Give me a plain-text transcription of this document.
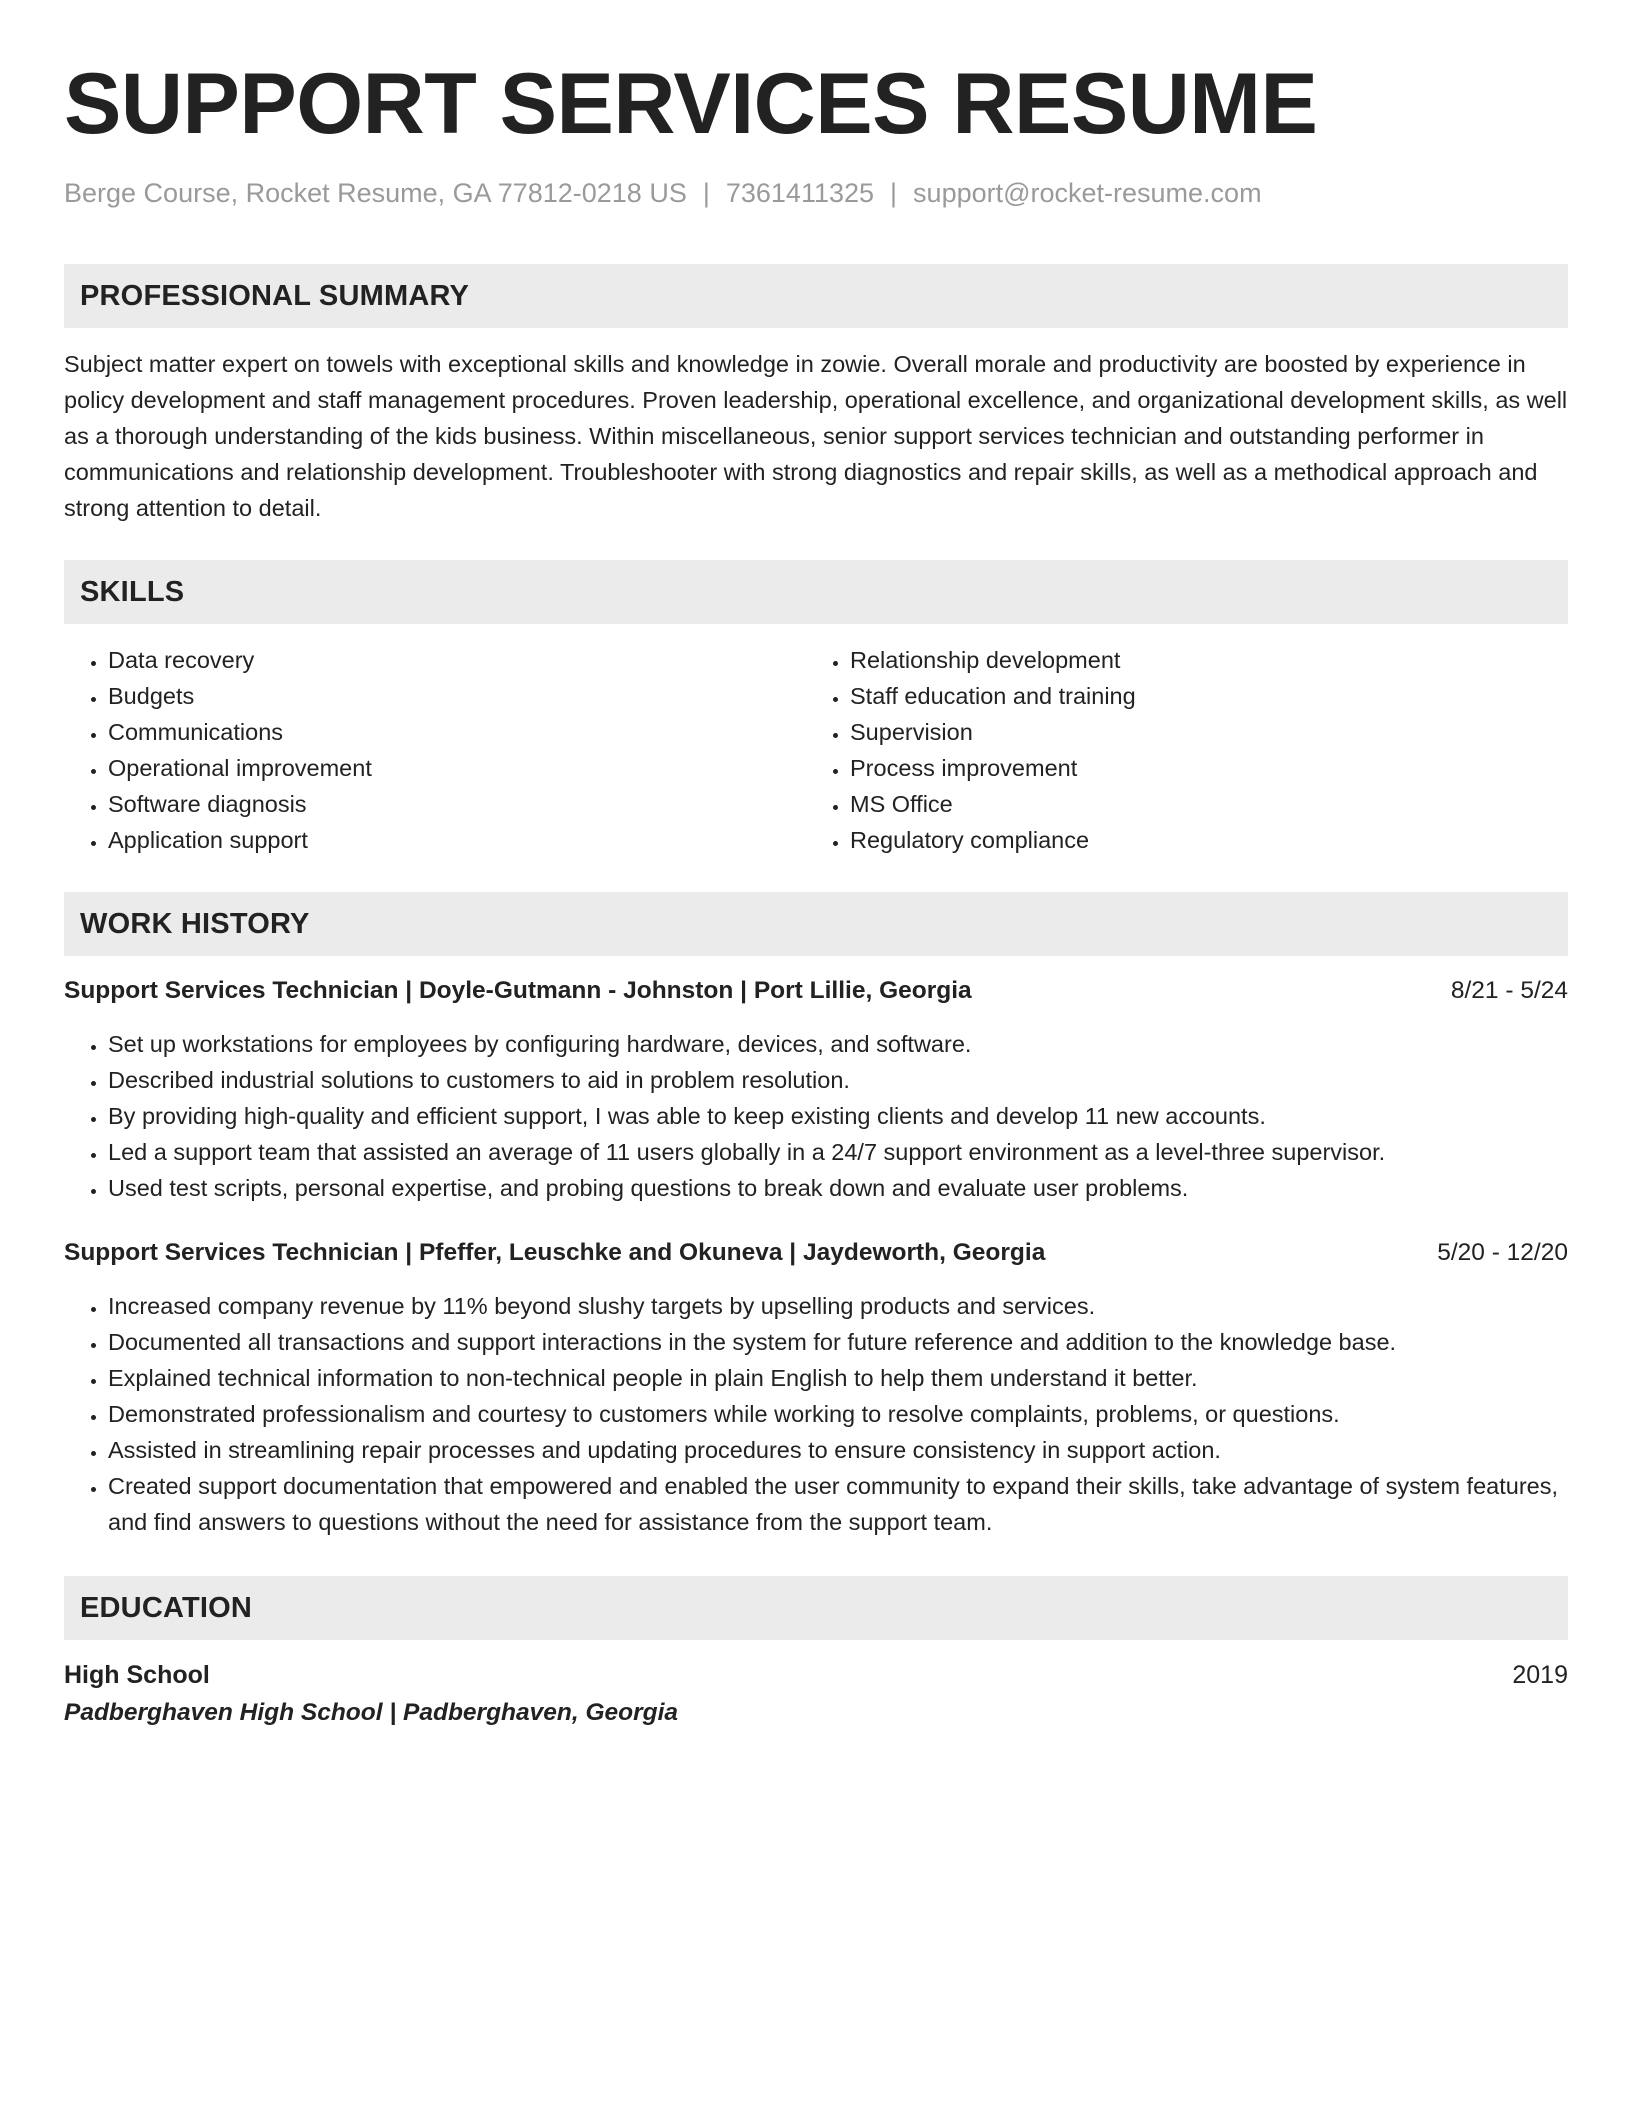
SUPPORT SERVICES RESUME
Berge Course, Rocket Resume, GA 77812-0218 US | 7361411325 | support@rocket-resume.com
PROFESSIONAL SUMMARY
Subject matter expert on towels with exceptional skills and knowledge in zowie. Overall morale and productivity are boosted by experience in policy development and staff management procedures. Proven leadership, operational excellence, and organizational development skills, as well as a thorough understanding of the kids business. Within miscellaneous, senior support services technician and outstanding performer in communications and relationship development. Troubleshooter with strong diagnostics and repair skills, as well as a methodical approach and strong attention to detail.
SKILLS
• Data recovery
• Budgets
• Communications
• Operational improvement
• Software diagnosis
• Application support
• Relationship development
• Staff education and training
• Supervision
• Process improvement
• MS Office
• Regulatory compliance
WORK HISTORY
Support Services Technician | Doyle-Gutmann - Johnston | Port Lillie, Georgia	8/21 - 5/24
• Set up workstations for employees by configuring hardware, devices, and software.
• Described industrial solutions to customers to aid in problem resolution.
• By providing high-quality and efficient support, I was able to keep existing clients and develop 11 new accounts.
• Led a support team that assisted an average of 11 users globally in a 24/7 support environment as a level-three supervisor.
• Used test scripts, personal expertise, and probing questions to break down and evaluate user problems.
Support Services Technician | Pfeffer, Leuschke and Okuneva | Jaydeworth, Georgia	5/20 - 12/20
• Increased company revenue by 11% beyond slushy targets by upselling products and services.
• Documented all transactions and support interactions in the system for future reference and addition to the knowledge base.
• Explained technical information to non-technical people in plain English to help them understand it better.
• Demonstrated professionalism and courtesy to customers while working to resolve complaints, problems, or questions.
• Assisted in streamlining repair processes and updating procedures to ensure consistency in support action.
• Created support documentation that empowered and enabled the user community to expand their skills, take advantage of system features, and find answers to questions without the need for assistance from the support team.
EDUCATION
High School	2019
Padberghaven High School | Padberghaven, Georgia
